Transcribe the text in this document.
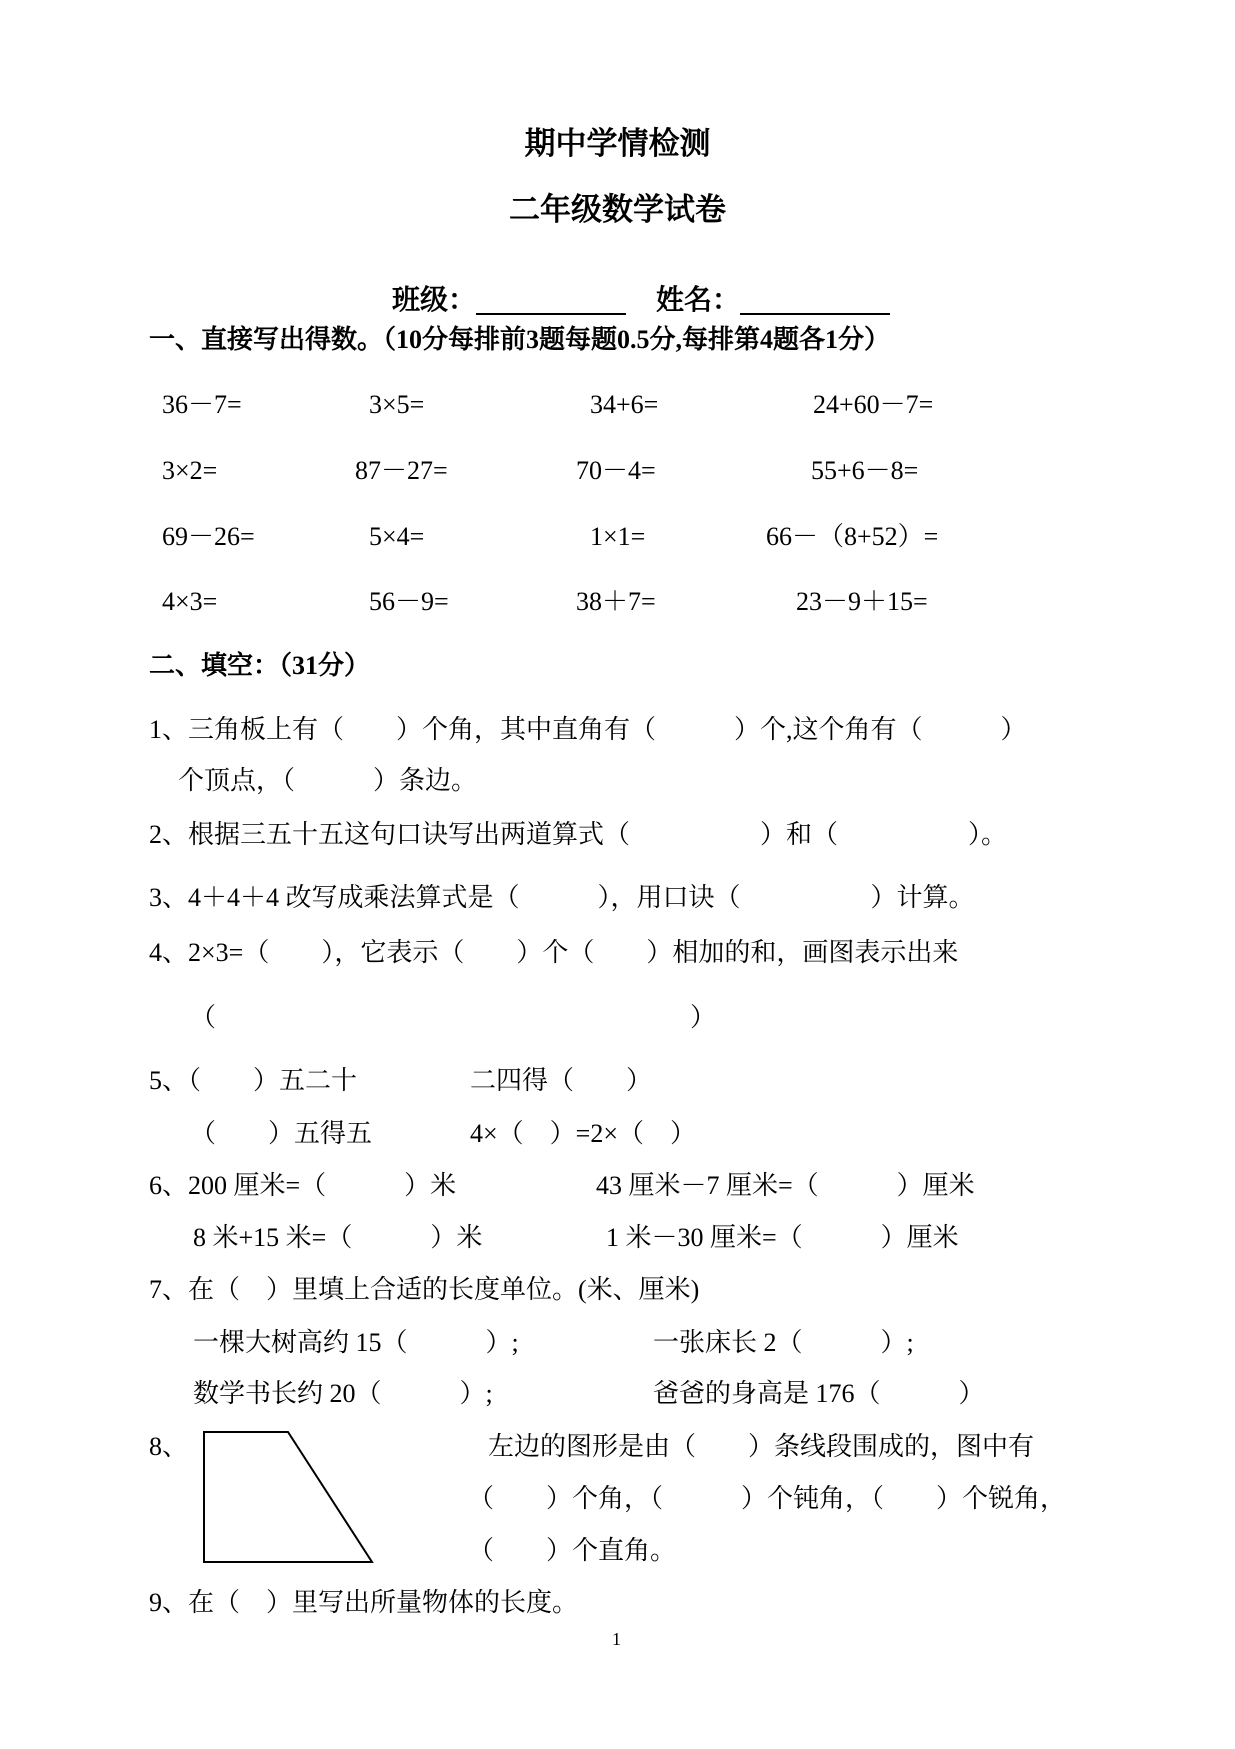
期中学情检测
二年级数学试卷

班级：	姓名：

一、直接写出得数。（10分每排前3题每题0.5分,每排第4题各1分）
36－7=	3×5=	34+6=	24+60－7=
3×2=	87－27=	70－4=	55+6－8=
69－26=	5×4=	1×1=	66－（8+52）=
4×3=	56－9=	38＋7=	23－9＋15=
二、填空：（31分）
1、三角板上有（　　）个角，其中直角有（　　　）个,这个角有（　　　）
个顶点，（　　　）条边。
2、根据三五十五这句口诀写出两道算式（　　　　　）和（　　　　　）。
3、4＋4＋4 改写成乘法算式是（　　　），用口诀（　　　　　）计算。
4、2×3=（　　），它表示（　　）个（　　）相加的和，画图表示出来
（	）
5、（　　）五二十	二四得（　　）
（　　）五得五	4×（　）=2×（　）
6、200 厘米=（　　　）米	43 厘米－7 厘米=（　　　）厘米
8 米+15 米=（　　　）米	1 米－30 厘米=（　　　）厘米
7、在（　）里填上合适的长度单位。(米、厘米)
一棵大树高约 15（　　　）;	一张床长 2（　　　）;
数学书长约 20（　　　）;	爸爸的身高是 176（　　　）
8、	左边的图形是由（　　）条线段围成的，图中有
（　　）个角，（　　　）个钝角，（　　）个锐角，
（　　）个直角。
9、在（　）里写出所量物体的长度。
1
